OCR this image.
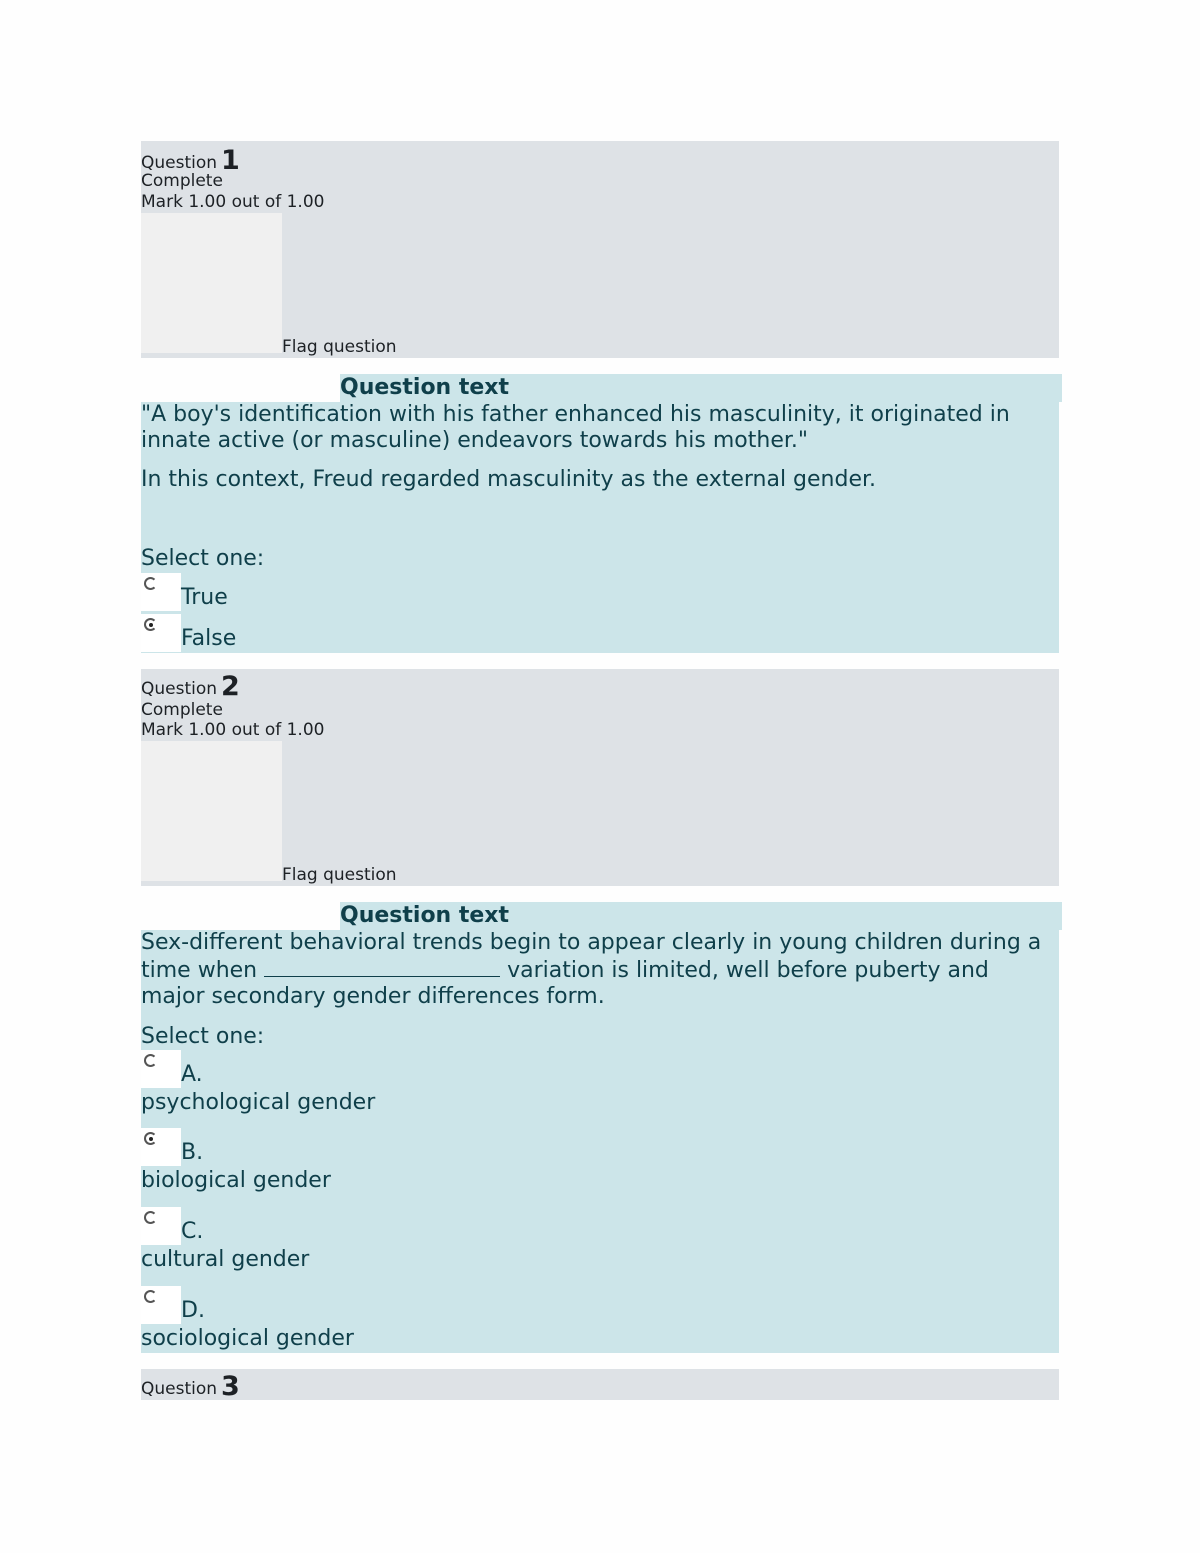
Question 1
Complete
Mark 1.00 out of 1.00
Flag question
Question text
"A boy's identification with his father enhanced his masculinity, it originated in innate active (or masculine) endeavors towards his mother."
In this context, Freud regarded masculinity as the external gender.
Select one:
True
False
Question 2
Complete
Mark 1.00 out of 1.00
Flag question
Question text
Sex-different behavioral trends begin to appear clearly in young children during a time when	variation is limited, well before puberty and major secondary gender differences form.
Select one:
A.
psychological gender
B.
biological gender
C.
cultural gender
D.
sociological gender
Question 3
